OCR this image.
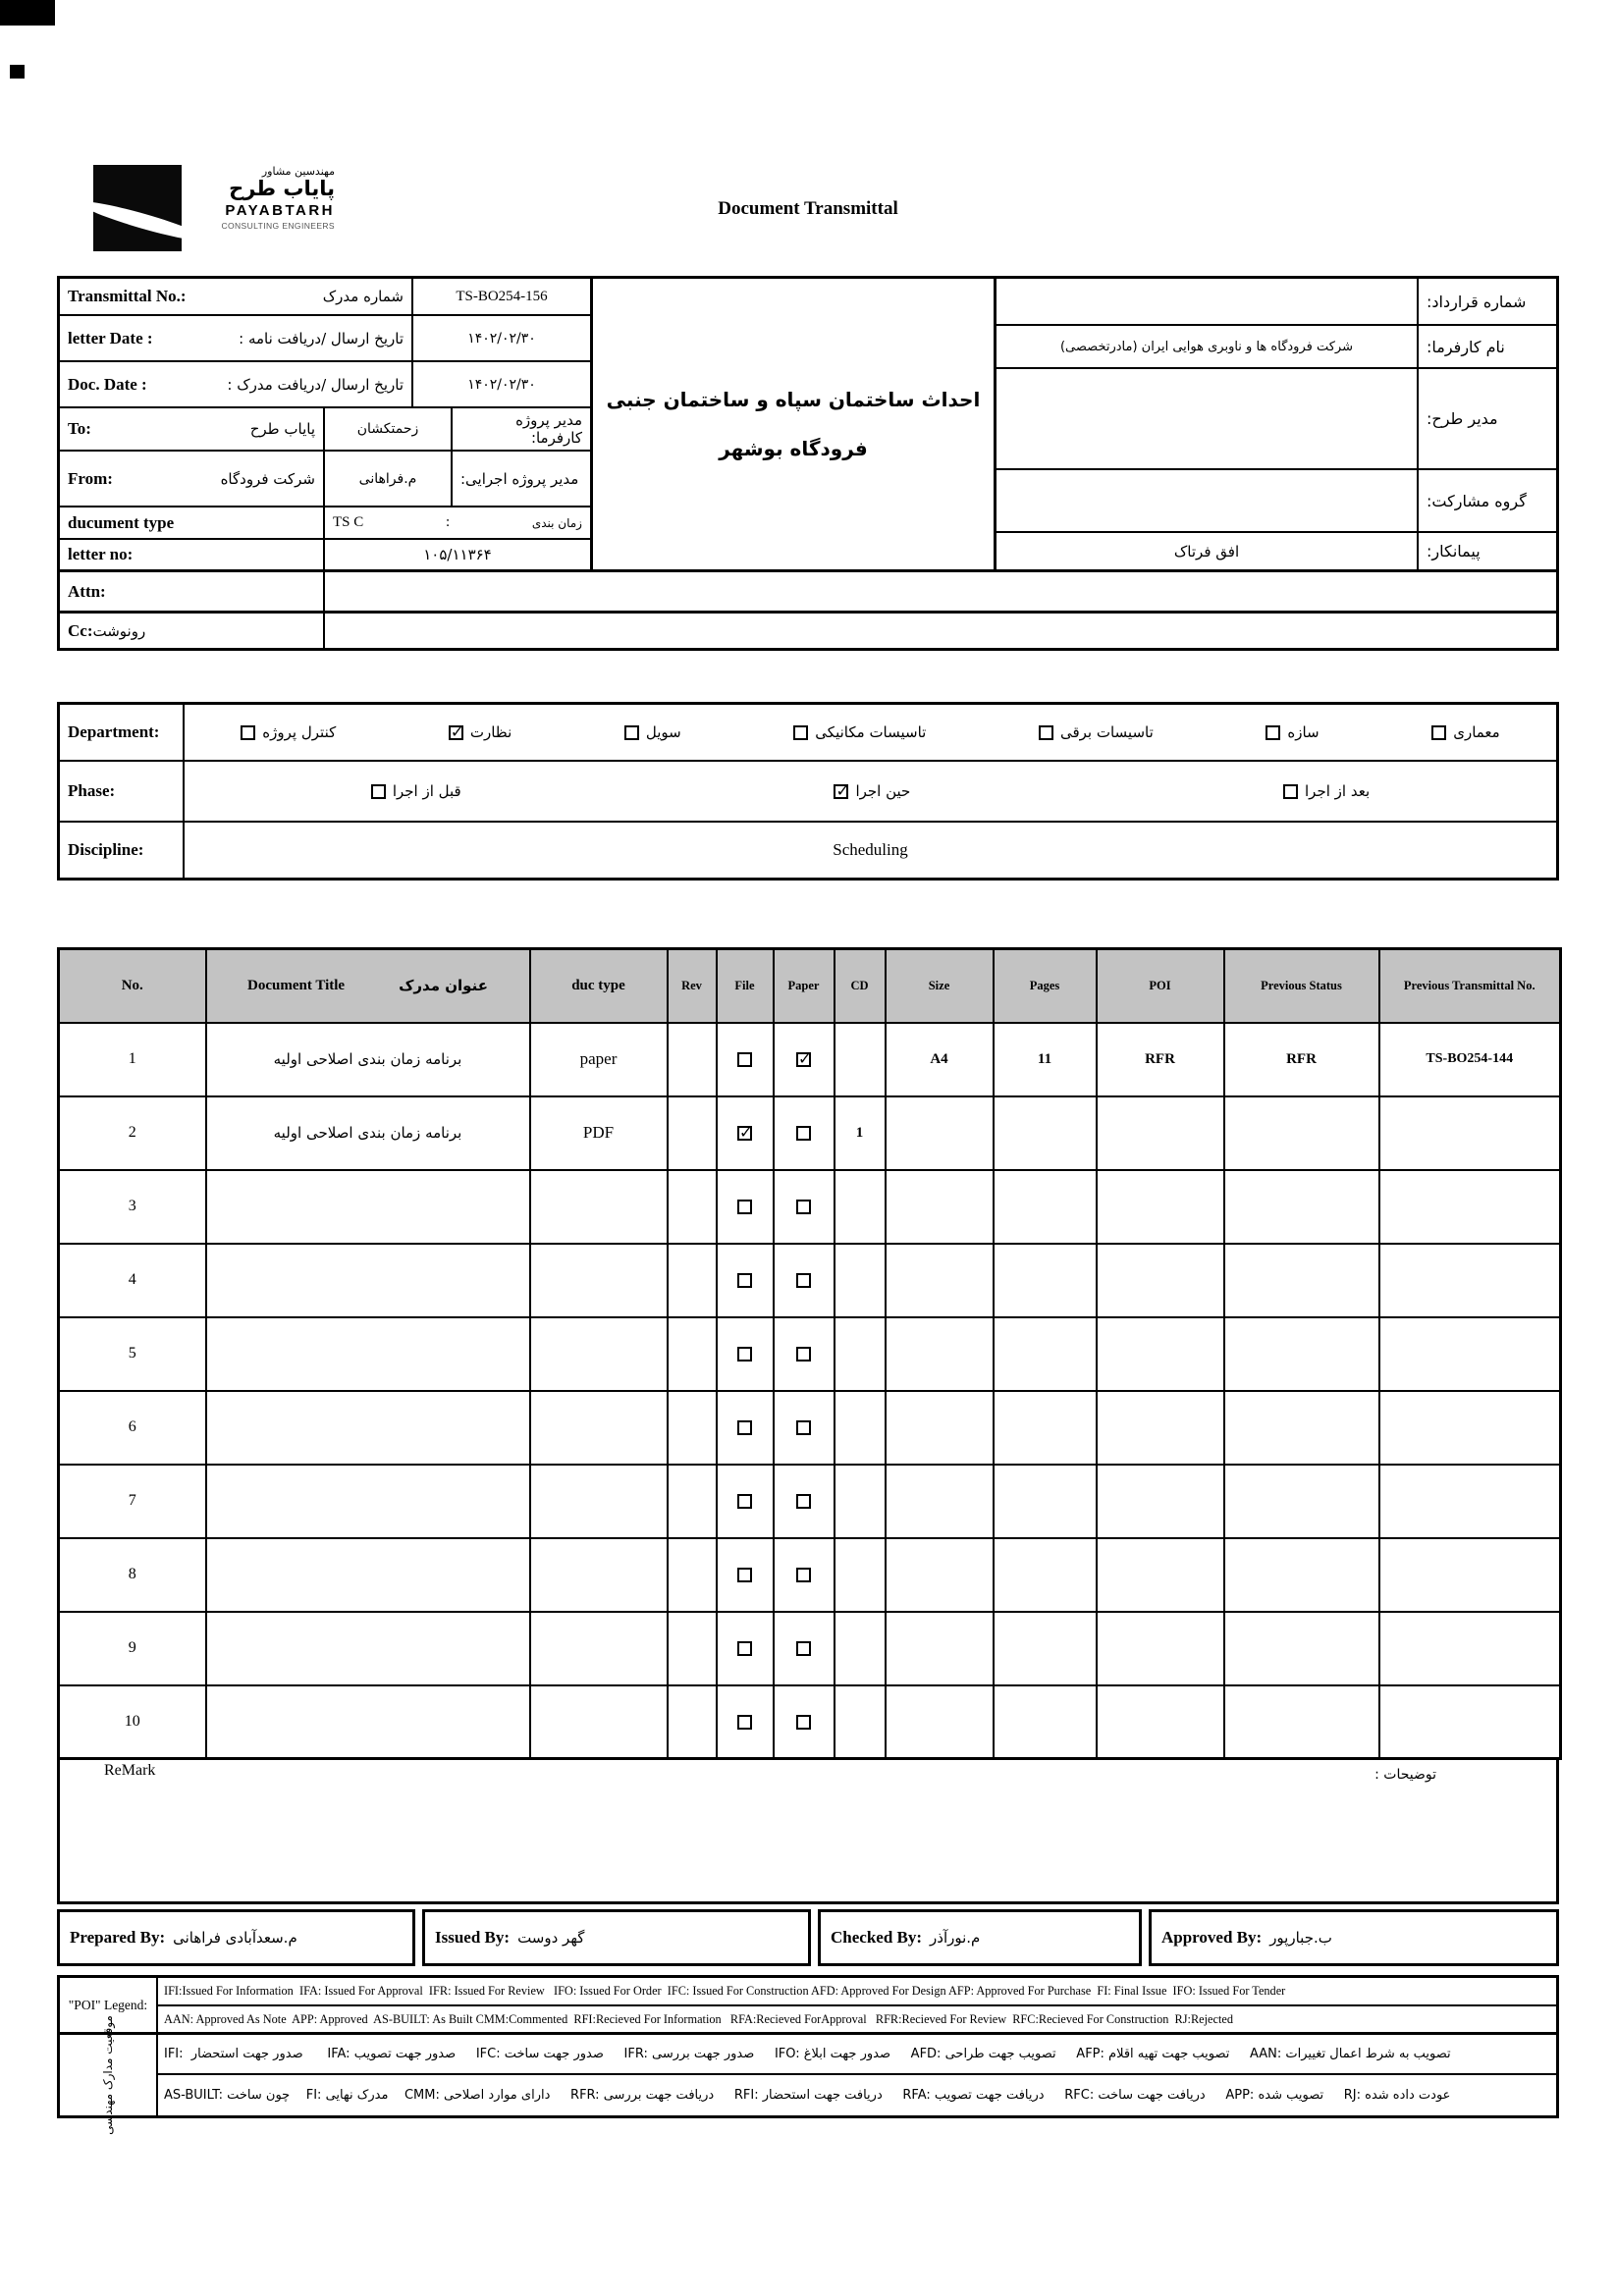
مهندسین مشاور
پایاب طرح
PAYABTARH
CONSULTING ENGINEERS
Document Transmittal
Transmittal No.:	شماره مدرک	TS-BO254-156
letter Date :	تاریخ ارسال /دریافت نامه :	۱۴۰۲/۰۲/۳۰
Doc. Date :	تاریخ ارسال /دریافت مدرک :	۱۴۰۲/۰۲/۳۰
To:	پایاب طرح	زحمتکشان	مدیر پروژه کارفرما:
From:	شرکت فرودگاه	م.فراهانی	مدیر پروژه اجرایی:
ducument type	TS C	:	زمان بندی
letter no:	۱۰۵/۱۱۳۶۴
احداث ساختمان سپاه و ساختمان جنبی
فرودگاه بوشهر
شماره قرارداد:
شرکت فرودگاه ها و ناوبری هوایی ایران (مادرتخصصی)	نام کارفرما:
مدیر طرح:
گروه مشارکت:
افق فرتاک	پیمانکار:
Attn:
Cc: رونوشت
Department:	معماری
سازه
تاسیسات برقی
تاسیسات مکانیکی
سویل
✓
نظارت
کنترل پروژه
Phase:	بعد از اجرا
✓
حین اجرا
قبل از اجرا
Discipline:	Scheduling
No.	Document Title عنوان مدرک	duc type	Rev	File	Paper	CD	Size	Pages	POI	Previous Status	Previous Transmittal No.
1	برنامه زمان بندی اصلاحی اولیه	paper			✓		A4	11	RFR	RFR	TS-BO254-144
2	برنامه زمان بندی اصلاحی اولیه	PDF		✓		1					
3											
4											
5											
6											
7											
8											
9											
10											
ReMark	توضیحات :
Prepared By: م.سعدآبادی فراهانی	Issued By: گهر دوست	Checked By: م.نورآذر	Approved By: ب.جبارپور
"POI" Legend:
موقعیت مدارک مهندسی
IFI:Issued For Information  IFA: Issued For Approval  IFR: Issued For Review   IFO: Issued For Order  IFC: Issued For Construction AFD: Approved For Design AFP: Approved For Purchase  FI: Final Issue  IFO: Issued For Tender
AAN: Approved As Note  APP: Approved  AS-BUILT: As Built CMM:Commented  RFI:Recieved For Information   RFA:Recieved ForApproval   RFR:Recieved For Review  RFC:Recieved For Construction  RJ:Rejected
IFI:  صدور جهت استحضار      IFA: صدور جهت تصویب     IFC: صدور جهت ساخت     IFR: صدور جهت بررسی     IFO: صدور جهت ابلاغ     AFD: تصویب جهت طراحی     AFP: تصویب جهت تهیه اقلام     AAN: تصویب به شرط اعمال تغییرات
AS-BUILT: چون ساخت    FI: مدرک نهایی    CMM: دارای موارد اصلاحی     RFR: دریافت جهت بررسی     RFI: دریافت جهت استحضار     RFA: دریافت جهت تصویب     RFC: دریافت جهت ساخت     APP: تصویب شده     RJ: عودت داده شده
